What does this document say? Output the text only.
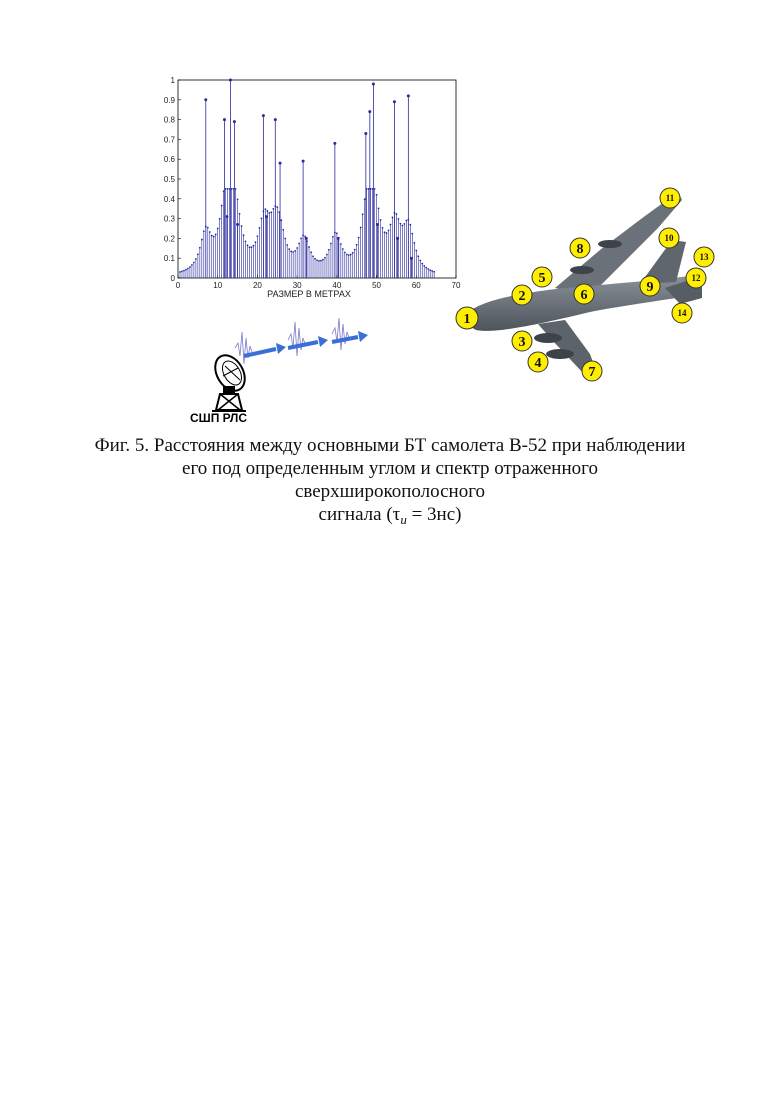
0	10	20	30	40	50	60	70
0
0.1
0.2
0.3
0.4
0.5
0.6
0.7
0.8
0.9
1
РАЗМЕР В МЕТРАХ
СШП РЛС
1
2
3
4
5
6
7
8
9
10
11
12
13
14
Фиг. 5. Расстояния между основными БТ самолета B-52 при наблюдении
его под определенным углом и спектр отраженного сверхширокополосного
сигнала $(\tau_и = 3нс)$
